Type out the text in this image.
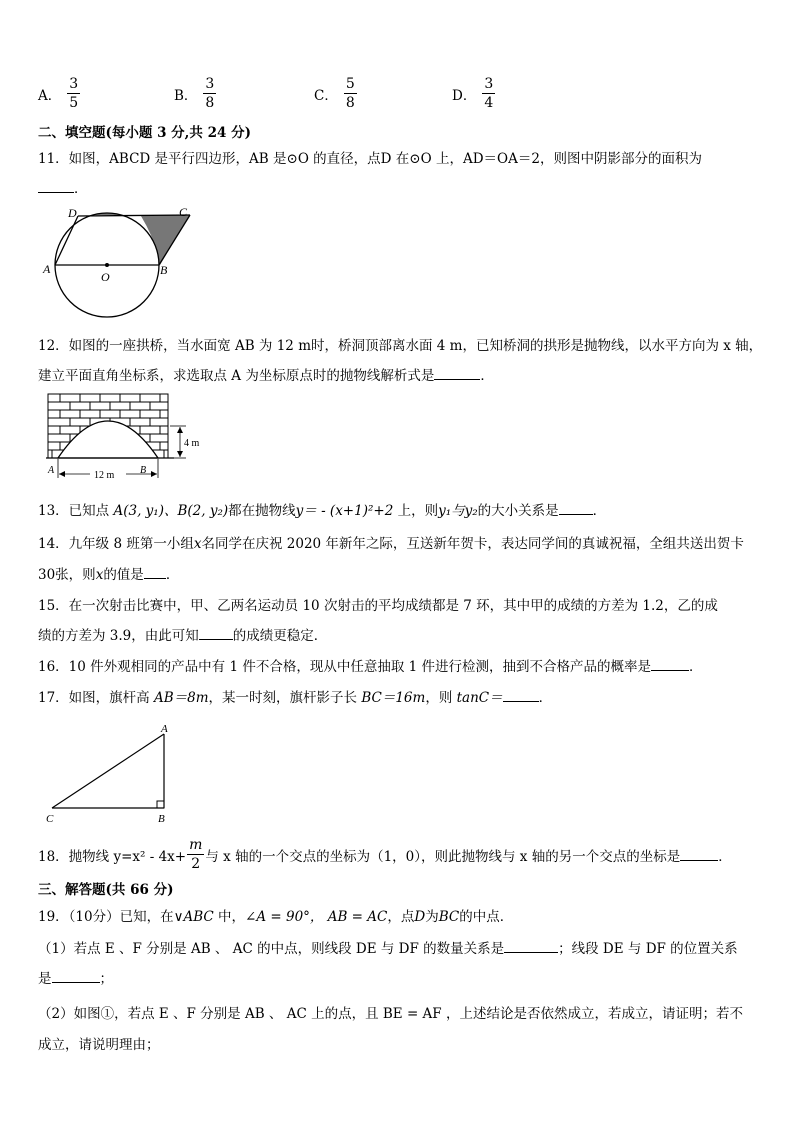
A． $\frac{3}{5}$	B． $\frac{3}{8}$	C． $\frac{5}{8}$	D． $\frac{3}{4}$
二、填空题(每小题 3 分,共 24 分)
11．如图，ABCD 是平行四边形，AB 是⊙O 的直径，点D 在⊙O 上，AD＝OA＝2，则图中阴影部分的面积为
．
D	C
A	B
O
12．如图的一座拱桥，当水面宽 AB 为 12 m时，桥洞顶部离水面 4 m，已知桥洞的拱形是抛物线，以水平方向为 x 轴，
建立平面直角坐标系，求选取点 A 为坐标原点时的抛物线解析式是	．
4 m
12 m
A	B
13．已知点 A(3, y₁)、B(2, y₂)都在抛物线y＝ - (x+1)²+2 上，则y₁与y₂的大小关系是	．
14．九年级 8 班第一小组x名同学在庆祝 2020 年新年之际，互送新年贺卡，表达同学间的真诚祝福，全组共送出贺卡
30张，则x的值是 ．
15．在一次射击比赛中，甲、乙两名运动员 10 次射击的平均成绩都是 7 环，其中甲的成绩的方差为 1.2，乙的成
绩的方差为 3.9，由此可知	的成绩更稳定．
16．10 件外观相同的产品中有 1 件不合格，现从中任意抽取 1 件进行检测，抽到不合格产品的概率是	．
17．如图，旗杆高 AB＝8m，某一时刻，旗杆影子长 BC＝16m，则 tanC＝	．
A
B
C
18．抛物线 $y=x^2 - 4x+ \frac{m}{2}$ 与 x 轴的一个交点的坐标为（1，0），则此抛物线与 x 轴的另一个交点的坐标是	．
三、解答题(共 66 分)
19．（10分）已知，在∨ABC 中，∠A = 90°， AB = AC，点D为BC的中点．
（1）若点 E 、F 分别是 AB 、 AC 的中点，则线段 DE 与 DF 的数量关系是	；线段 DE 与 DF 的位置关系
是	；
（2）如图①，若点 E 、F 分别是 AB 、 AC 上的点，且 BE = AF ，上述结论是否依然成立，若成立，请证明；若不
成立，请说明理由；
